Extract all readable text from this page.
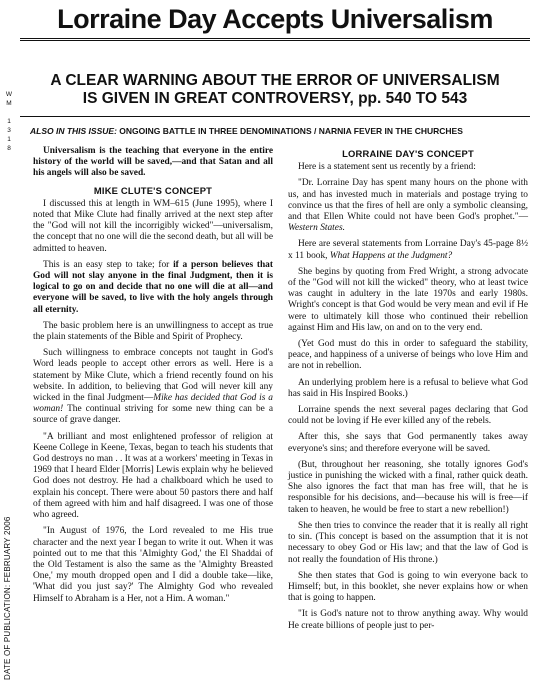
Lorraine Day Accepts Universalism
A CLEAR WARNING ABOUT THE ERROR OF UNIVERSALISM
IS GIVEN IN GREAT CONTROVERSY, pp. 540 TO 543
W
M
1
3
1
8
DATE OF PUBLICATION: FEBRUARY 2006
ALSO IN THIS ISSUE: ONGOING BATTLE IN THREE DENOMINATIONS / NARNIA FEVER IN THE CHURCHES

Universalism is the teaching that everyone in the entire history of the world will be saved,—and that Satan and all his angels will also be saved.

MIKE CLUTE'S CONCEPT

I discussed this at length in WM–615 (June 1995), where I noted that Mike Clute had finally arrived at the next step after the "God will not kill the incorrigibly wicked"—universalism, the concept that no one will die the second death, but all will be admitted to heaven.

This is an easy step to take; for if a person believes that God will not slay anyone in the final Judgment, then it is logical to go on and decide that no one will die at all—and everyone will be saved, to live with the holy angels through all eternity.

The basic problem here is an unwillingness to accept as true the plain statements of the Bible and Spirit of Prophecy.

Such willingness to embrace concepts not taught in God's Word leads people to accept other errors as well. Here is a statement by Mike Clute, which a friend recently found on his website. In addition, to believing that God will never kill any wicked in the final Judgment—Mike has decided that God is a woman! The continual striving for some new thing can be a source of grave danger.

"A brilliant and most enlightened professor of religion at Keene College in Keene, Texas, began to teach his students that God destroys no man . . It was at a workers' meeting in Texas in 1969 that I heard Elder [Morris] Lewis explain why he believed God does not destroy. He had a chalkboard which he used to explain his concept. There were about 50 pastors there and half of them agreed with him and half disagreed. I was one of those who agreed.

"In August of 1976, the Lord revealed to me His true character and the next year I began to write it out. When it was pointed out to me that this 'Almighty God,' the El Shaddai of the Old Testament is also the same as the 'Almighty Breasted One,' my mouth dropped open and I did a double take—like, 'What did you just say?' The Almighty God who revealed Himself to Abraham is a Her, not a Him. A woman."

LORRAINE DAY'S CONCEPT

Here is a statement sent us recently by a friend:

"Dr. Lorraine Day has spent many hours on the phone with us, and has invested much in materials and postage trying to convince us that the fires of hell are only a symbolic cleansing, and that Ellen White could not have been God's prophet."—Western States.

Here are several statements from Lorraine Day's 45-page 8½ x 11 book, What Happens at the Judgment?

She begins by quoting from Fred Wright, a strong advocate of the "God will not kill the wicked" theory, who at least twice was caught in adultery in the late 1970s and early 1980s. Wright's concept is that God would be very mean and evil if He were to ultimately kill those who continued their rebellion against Him and His law, on and on to the very end.

(Yet God must do this in order to safeguard the stability, peace, and happiness of a universe of beings who love Him and are not in rebellion.

An underlying problem here is a refusal to believe what God has said in His Inspired Books.)

Lorraine spends the next several pages declaring that God could not be loving if He ever killed any of the rebels.

After this, she says that God permanently takes away everyone's sins; and therefore everyone will be saved.

(But, throughout her reasoning, she totally ignores God's justice in punishing the wicked with a final, rather quick death. She also ignores the fact that man has free will, that he is responsible for his decisions, and—because his will is free—if taken to heaven, he would be free to start a new rebellion!)

She then tries to convince the reader that it is really all right to sin. (This concept is based on the assumption that it is not necessary to obey God or His law; and that the law of God is not really the foundation of His throne.)

She then states that God is going to win everyone back to Himself; but, in this booklet, she never explains how or when that is going to happen.

"It is God's nature not to throw anything away. Why would He create billions of people just to per-
